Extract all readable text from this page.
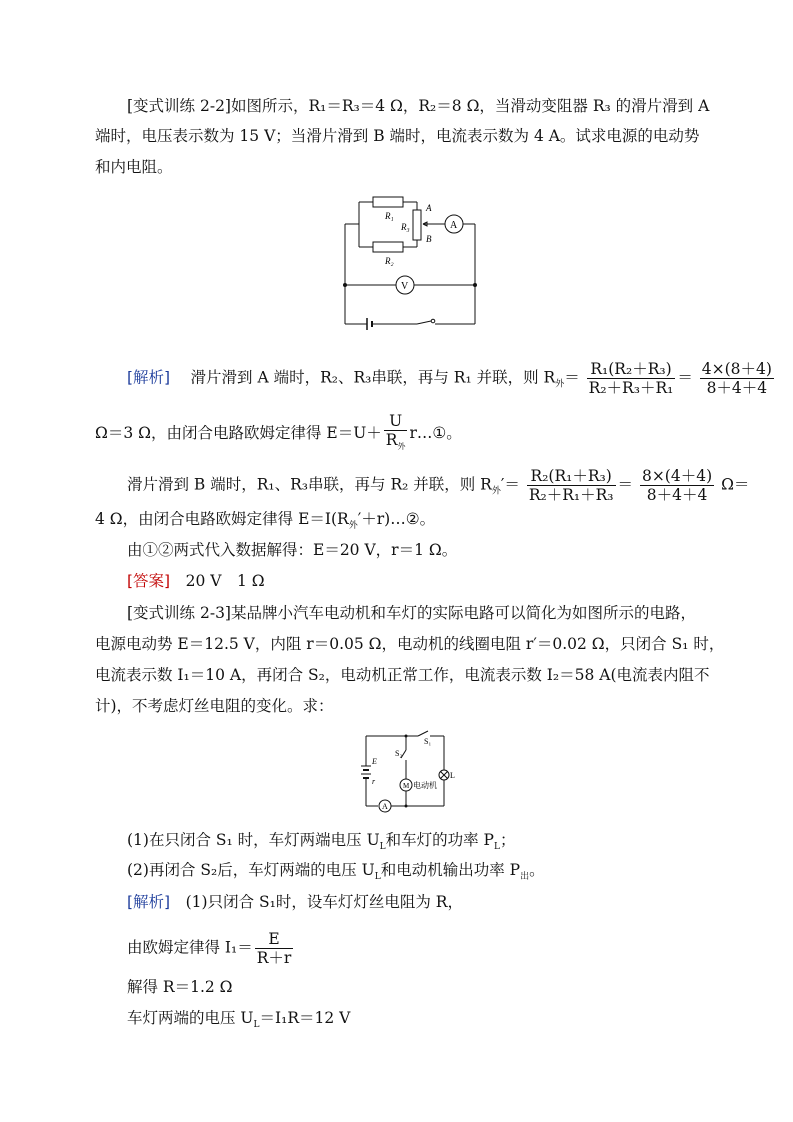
[变式训练 2-2]如图所示，R₁＝R₃＝4 Ω，R₂＝8 Ω，当滑动变阻器 R₃ 的滑片滑到 A
端时，电压表示数为 15 V；当滑片滑到 B 端时，电流表示数为 4 A。试求电源的电动势
和内电阻。
R₁
R₂
R₃
A
B
A
V
[解析]　 滑片滑到 A 端时，R₂、R₃串联，再与 R₁ 并联，则 $R_外= \frac{\text{R₁(R₂＋R₃)}}{\text{R₂＋R₃＋R₁}} = \frac{4\times(8+4)}{8+4+4}$
Ω＝3 Ω，由闭合电路欧姆定律得 $E=U+ \frac{U}{R_外}$ r…①。
滑片滑到 B 端时，R₁、R₃串联，再与 R₂ 并联，则 $R_外'= \frac{\text{R₂(R₁＋R₃)}}{\text{R₂＋R₁＋R₃}} = \frac{8\times(4+4)}{8+4+4} \Omega=$
4 Ω，由闭合电路欧姆定律得 $E=I(R_外'+r)\dots ②$。
由①②两式代入数据解得：E＝20 V，r＝1 Ω。
[答案]　 20 V　1 Ω
[变式训练 2-3]某品牌小汽车电动机和车灯的实际电路可以简化为如图所示的电路，
电源电动势 E＝12.5 V，内阻 r＝0.05 Ω，电动机的线圈电阻 r′＝0.02 Ω，只闭合 S₁ 时，
电流表示数 I₁＝10 A，再闭合 S₂，电动机正常工作，电流表示数 I₂＝58 A(电流表内阻不
计)，不考虑灯丝电阻的变化。求：
S₁
S₂
E
r	M 电动机
L
A
(1)在只闭合 S₁ 时，车灯两端电压 $U_L$和车灯的功率 $P_L$；
(2)再闭合 S₂后，车灯两端的电压 $U_L$和电动机输出功率 $P_出$。
[解析]　 (1)只闭合 S₁时，设车灯灯丝电阻为 R，
由欧姆定律得 $I_1= \frac{E}{R+r}$
解得 R＝1.2 Ω
车灯两端的电压 $U_L=I_1R=12$ V
